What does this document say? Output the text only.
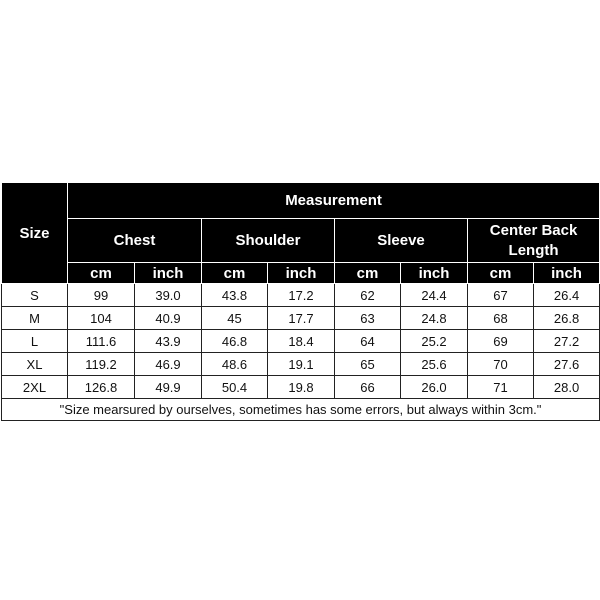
Size	Measurement							
	Chest		Shoulder		Sleeve		Center Back Length	
	cm	inch	cm	inch	cm	inch	cm	inch
S	99	39.0	43.8	17.2	62	24.4	67	26.4
M	104	40.9	45	17.7	63	24.8	68	26.8
L	111.6	43.9	46.8	18.4	64	25.2	69	27.2
XL	119.2	46.9	48.6	19.1	65	25.6	70	27.6
2XL	126.8	49.9	50.4	19.8	66	26.0	71	28.0
"Size mearsured by ourselves, sometimes has some errors, but always within 3cm."								
